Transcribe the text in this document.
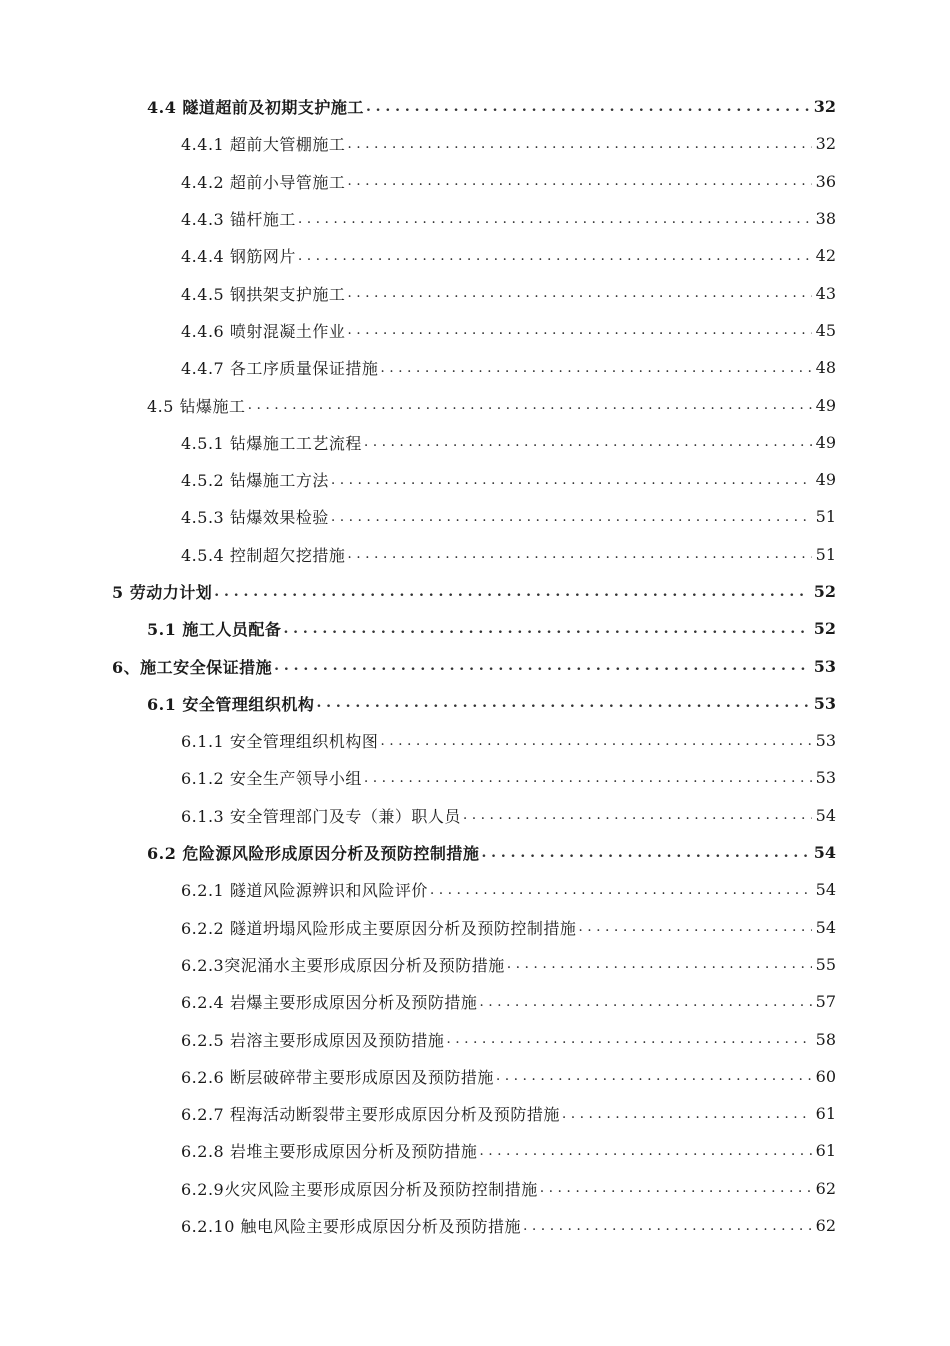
4.4 隧道超前及初期支护施工 . . .	32
4.4.1 超前大管棚施工 . . .	32
4.4.2 超前小导管施工 . . .	36
4.4.3 锚杆施工 . . .	38
4.4.4 钢筋网片 . . .	42
4.4.5 钢拱架支护施工 . . .	43
4.4.6 喷射混凝土作业 . . .	45
4.4.7 各工序质量保证措施 . . .	48
4.5 钻爆施工 . . .	49
4.5.1 钻爆施工工艺流程 . . .	49
4.5.2 钻爆施工方法 . . .	49
4.5.3 钻爆效果检验 . . .	51
4.5.4 控制超欠挖措施 . . .	51
5 劳动力计划 . . .	52
5.1 施工人员配备 . . .	52
6、施工安全保证措施 . . .	53
6.1 安全管理组织机构 . . .	53
6.1.1 安全管理组织机构图 . . .	53
6.1.2 安全生产领导小组 . . .	53
6.1.3 安全管理部门及专（兼）职人员 . . .	54
6.2 危险源风险形成原因分析及预防控制措施 . . .	54
6.2.1 隧道风险源辨识和风险评价 . . .	54
6.2.2 隧道坍塌风险形成主要原因分析及预防控制措施 . . .	54
6.2.3突泥涌水主要形成原因分析及预防措施 . . .	55
6.2.4 岩爆主要形成原因分析及预防措施 . . .	57
6.2.5 岩溶主要形成原因及预防措施 . . .	58
6.2.6 断层破碎带主要形成原因及预防措施 . . .	60
6.2.7 程海活动断裂带主要形成原因分析及预防措施 . . .	61
6.2.8 岩堆主要形成原因分析及预防措施 . . .	61
6.2.9火灾风险主要形成原因分析及预防控制措施 . . .	62
6.2.10 触电风险主要形成原因分析及预防措施 . . .	62
